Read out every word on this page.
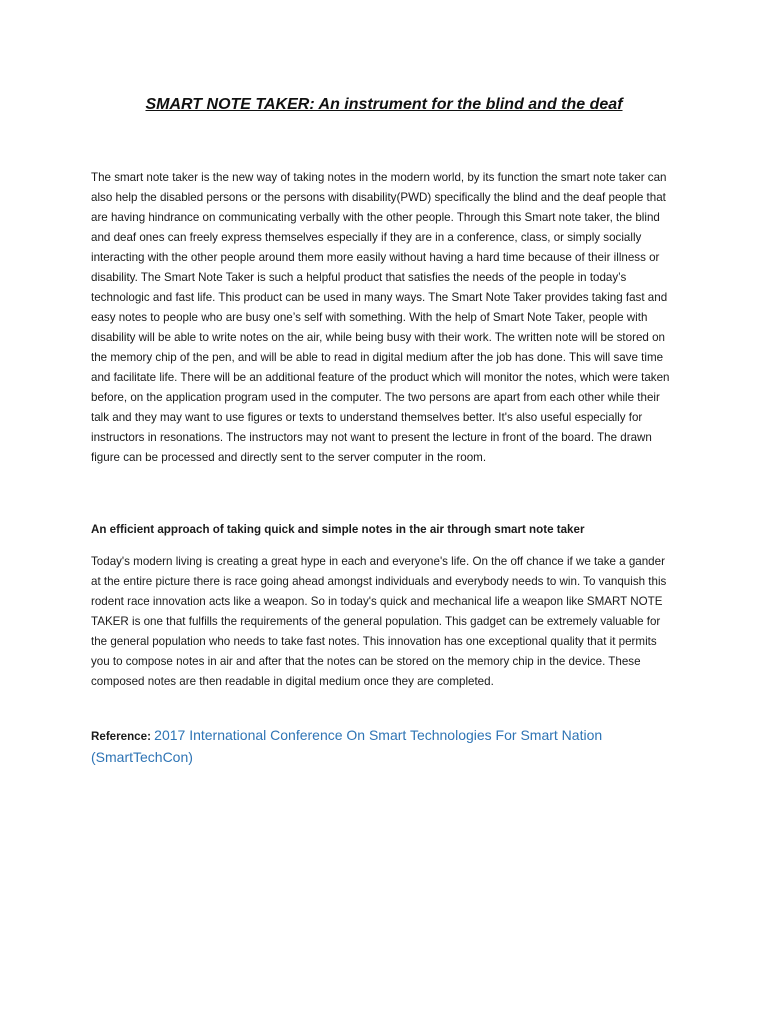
SMART NOTE TAKER: An instrument for the blind and the deaf
The smart note taker is the new way of taking notes in the modern world, by its function the smart note taker can also help the disabled persons or the persons with disability(PWD) specifically the blind and the deaf people that are having hindrance on communicating verbally with the other people. Through this Smart note taker, the blind and deaf ones can freely express themselves especially if they are in a conference, class, or simply socially interacting with the other people around them more easily without having a hard time because of their illness or disability. The Smart Note Taker is such a helpful product that satisfies the needs of the people in today’s technologic and fast life. This product can be used in many ways. The Smart Note Taker provides taking fast and easy notes to people who are busy one’s self with something. With the help of Smart Note Taker, people with disability will be able to write notes on the air, while being busy with their work. The written note will be stored on the memory chip of the pen, and will be able to read in digital medium after the job has done. This will save time and facilitate life. There will be an additional feature of the product which will monitor the notes, which were taken before, on the application program used in the computer. The two persons are apart from each other while their talk and they may want to use figures or texts to understand themselves better. It's also useful especially for instructors in resonations. The instructors may not want to present the lecture in front of the board. The drawn figure can be processed and directly sent to the server computer in the room.
An efficient approach of taking quick and simple notes in the air through smart note taker
Today's modern living is creating a great hype in each and everyone's life. On the off chance if we take a gander at the entire picture there is race going ahead amongst individuals and everybody needs to win. To vanquish this rodent race innovation acts like a weapon. So in today's quick and mechanical life a weapon like SMART NOTE TAKER is one that fulfills the requirements of the general population. This gadget can be extremely valuable for the general population who needs to take fast notes. This innovation has one exceptional quality that it permits you to compose notes in air and after that the notes can be stored on the memory chip in the device. These composed notes are then readable in digital medium once they are completed.
Reference: 2017 International Conference On Smart Technologies For Smart Nation (SmartTechCon)
